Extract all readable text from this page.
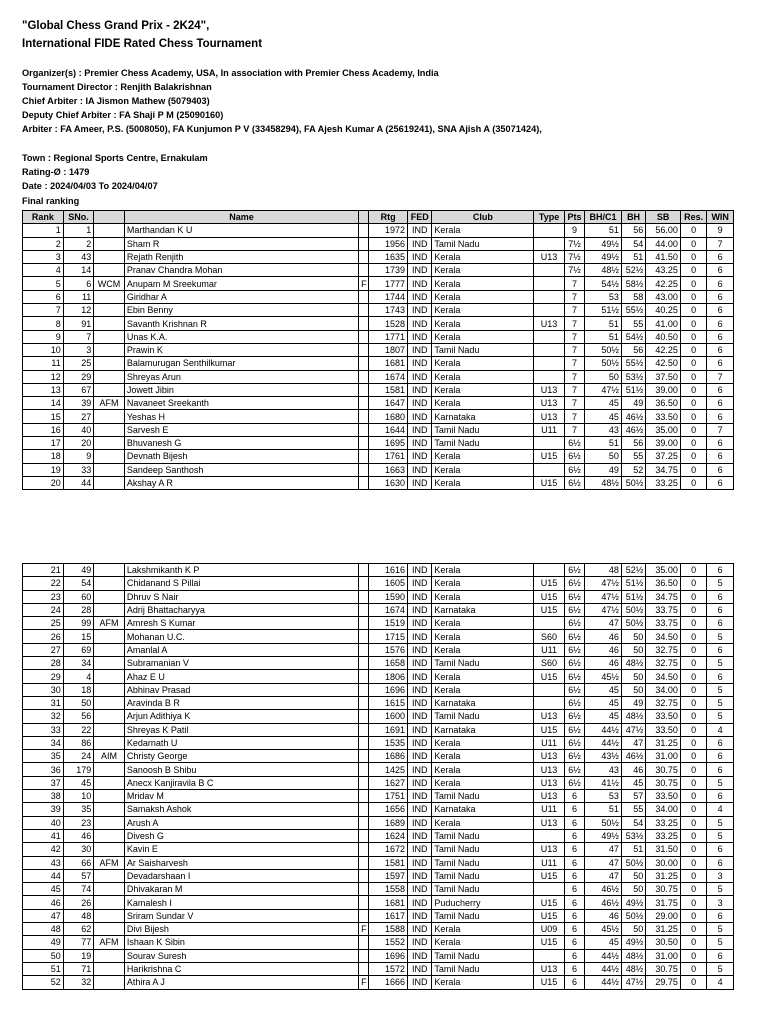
"Global Chess Grand Prix - 2K24",
International FIDE Rated Chess Tournament
Organizer(s) : Premier Chess Academy, USA, In association with Premier Chess Academy, India
Tournament Director : Renjith Balakrishnan
Chief Arbiter : IA Jismon Mathew (5079403)
Deputy Chief Arbiter : FA Shaji P M (25090160)
Arbiter : FA Ameer, P.S. (5008050), FA Kunjumon P V (33458294), FA Ajesh Kumar A (25619241), SNA Ajish A (35071424),
Town : Regional Sports Centre, Ernakulam
Rating-Ø : 1479
Date : 2024/04/03 To 2024/04/07
Final ranking
Rank	SNo.		Name		Rtg	FED	Club	Type	Pts	BH/C1	BH	SB	Res.	WIN
1	1		Marthandan K U		1972	IND	Kerala		9	51	56	56.00	0	9
2	2		Sham R		1956	IND	Tamil Nadu		7½	49½	54	44.00	0	7
3	43		Rejath Renjith		1635	IND	Kerala	U13	7½	49½	51	41.50	0	6
4	14		Pranav Chandra Mohan		1739	IND	Kerala		7½	48½	52½	43.25	0	6
5	6	WCM	Anupam M Sreekumar	F	1777	IND	Kerala		7	54½	58½	42.25	0	6
6	11		Giridhar A		1744	IND	Kerala		7	53	58	43.00	0	6
7	12		Ebin Benny		1743	IND	Kerala		7	51½	55½	40.25	0	6
8	91		Savanth Krishnan R		1528	IND	Kerala	U13	7	51	55	41.00	0	6
9	7		Unas K.A.		1771	IND	Kerala		7	51	54½	40.50	0	6
10	3		Prawin K		1807	IND	Tamil Nadu		7	50½	56	42.25	0	6
11	25		Balamurugan Senthilkumar		1681	IND	Kerala		7	50½	55½	42.50	0	6
12	29		Shreyas Arun		1674	IND	Kerala		7	50	53½	37.50	0	7
13	67		Jowett Jibin		1581	IND	Kerala	U13	7	47½	51½	39.00	0	6
14	39	AFM	Navaneet Sreekanth		1647	IND	Kerala	U13	7	45	49	36.50	0	6
15	27		Yeshas H		1680	IND	Karnataka	U13	7	45	46½	33.50	0	6
16	40		Sarvesh E		1644	IND	Tamil Nadu	U11	7	43	46½	35.00	0	7
17	20		Bhuvanesh G		1695	IND	Tamil Nadu		6½	51	56	39.00	0	6
18	9		Devnath Bijesh		1761	IND	Kerala	U15	6½	50	55	37.25	0	6
19	33		Sandeep Santhosh		1663	IND	Kerala		6½	49	52	34.75	0	6
20	44		Akshay A R		1630	IND	Kerala	U15	6½	48½	50½	33.25	0	6
21	49		Lakshmikanth K P		1616	IND	Kerala		6½	48	52½	35.00	0	6
22	54		Chidanand S Pillai		1605	IND	Kerala	U15	6½	47½	51½	36.50	0	5
23	60		Dhruv S Nair		1590	IND	Kerala	U15	6½	47½	51½	34.75	0	6
24	28		Adrij Bhattacharyya		1674	IND	Karnataka	U15	6½	47½	50½	33.75	0	6
25	99	AFM	Amresh S Kumar		1519	IND	Kerala		6½	47	50½	33.75	0	6
26	15		Mohanan U.C.		1715	IND	Kerala	S60	6½	46	50	34.50	0	5
27	69		Amanlal A		1576	IND	Kerala	U11	6½	46	50	32.75	0	6
28	34		Subramanian V		1658	IND	Tamil Nadu	S60	6½	46	48½	32.75	0	5
29	4		Ahaz E U		1806	IND	Kerala	U15	6½	45½	50	34.50	0	6
30	18		Abhinav Prasad		1696	IND	Kerala		6½	45	50	34.00	0	5
31	50		Aravinda B R		1615	IND	Karnataka		6½	45	49	32.75	0	5
32	56		Arjun Adithiya K		1600	IND	Tamil Nadu	U13	6½	45	48½	33.50	0	5
33	22		Shreyas K Patil		1691	IND	Karnataka	U15	6½	44½	47½	33.50	0	4
34	86		Kedarnath U		1535	IND	Kerala	U11	6½	44½	47	31.25	0	6
35	24	AIM	Christy George		1686	IND	Kerala	U13	6½	43½	46½	31.00	0	6
36	179		Sanoosh B Shibu		1425	IND	Kerala	U13	6½	43	46	30.75	0	6
37	45		Anecx Kanjiravila B C		1627	IND	Kerala	U13	6½	41½	45	30.75	0	5
38	10		Mridav M		1751	IND	Tamil Nadu	U13	6	53	57	33.50	0	6
39	35		Samaksh Ashok		1656	IND	Karnataka	U11	6	51	55	34.00	0	4
40	23		Arush A		1689	IND	Kerala	U13	6	50½	54	33.25	0	5
41	46		Divesh G		1624	IND	Tamil Nadu		6	49½	53½	33.25	0	5
42	30		Kavin E		1672	IND	Tamil Nadu	U13	6	47	51	31.50	0	6
43	66	AFM	Ar Saisharvesh		1581	IND	Tamil Nadu	U11	6	47	50½	30.00	0	6
44	57		Devadarshaan I		1597	IND	Tamil Nadu	U15	6	47	50	31.25	0	3
45	74		Dhivakaran M		1558	IND	Tamil Nadu		6	46½	50	30.75	0	5
46	26		Kamalesh I		1681	IND	Puducherry	U15	6	46½	49½	31.75	0	3
47	48		Sriram Sundar V		1617	IND	Tamil Nadu	U15	6	46	50½	29.00	0	6
48	62		Divi Bijesh	F	1588	IND	Kerala	U09	6	45½	50	31.25	0	5
49	77	AFM	Ishaan K Sibin		1552	IND	Kerala	U15	6	45	49½	30.50	0	5
50	19		Sourav Suresh		1696	IND	Tamil Nadu		6	44½	48½	31.00	0	6
51	71		Harikrishna C		1572	IND	Tamil Nadu	U13	6	44½	48½	30.75	0	5
52	32		Athira A J	F	1666	IND	Kerala	U15	6	44½	47½	29.75	0	4
